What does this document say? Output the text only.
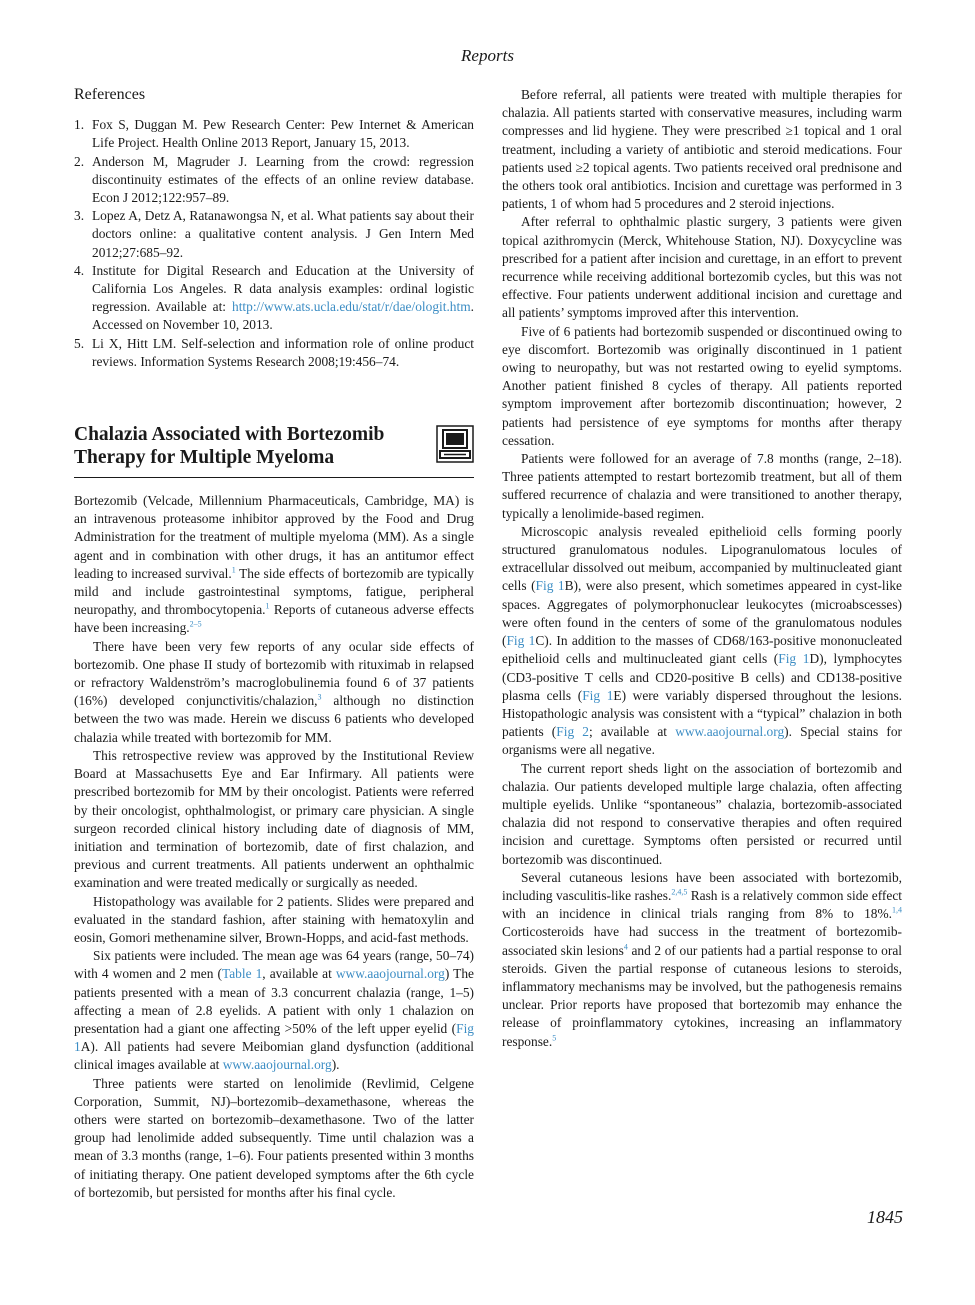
Reports
References
1. Fox S, Duggan M. Pew Research Center: Pew Internet & American Life Project. Health Online 2013 Report, January 15, 2013.
2. Anderson M, Magruder J. Learning from the crowd: regression discontinuity estimates of the effects of an online review database. Econ J 2012;122:957–89.
3. Lopez A, Detz A, Ratanawongsa N, et al. What patients say about their doctors online: a qualitative content analysis. J Gen Intern Med 2012;27:685–92.
4. Institute for Digital Research and Education at the University of California Los Angeles. R data analysis examples: ordinal logistic regression. Available at: http://www.ats.ucla.edu/stat/r/dae/ologit.htm. Accessed on November 10, 2013.
5. Li X, Hitt LM. Self-selection and information role of online product reviews. Information Systems Research 2008;19:456–74.
Chalazia Associated with Bortezomib Therapy for Multiple Myeloma

Bortezomib (Velcade, Millennium Pharmaceuticals, Cambridge, MA) is an intravenous proteasome inhibitor approved by the Food and Drug Administration for the treatment of multiple myeloma (MM). As a single agent and in combination with other drugs, it has an antitumor effect leading to increased survival.$^1$ The side effects of bortezomib are typically mild and include gastrointestinal symptoms, fatigue, peripheral neuropathy, and thrombocytopenia.$^1$ Reports of cutaneous adverse effects have been increasing.$^{2-5}$

There have been very few reports of any ocular side effects of bortezomib. One phase II study of bortezomib with rituximab in relapsed or refractory Waldenström’s macroglobulinemia found 6 of 37 patients (16%) developed conjunctivitis/chalazion,$^3$ although no distinction between the two was made. Herein we discuss 6 patients who developed chalazia while treated with bortezomib for MM.

This retrospective review was approved by the Institutional Review Board at Massachusetts Eye and Ear Infirmary. All patients were prescribed bortezomib for MM by their oncologist. Patients were referred by their oncologist, ophthalmologist, or primary care physician. A single surgeon recorded clinical history including date of diagnosis of MM, initiation and termination of bortezomib, date of first chalazion, and previous and current treatments. All patients underwent an ophthalmic examination and were treated medically or surgically as needed.

Histopathology was available for 2 patients. Slides were prepared and evaluated in the standard fashion, after staining with hematoxylin and eosin, Gomori methenamine silver, Brown-Hopps, and acid-fast methods.

Six patients were included. The mean age was 64 years (range, 50–74) with 4 women and 2 men (Table 1, available at www.aaojournal.org) The patients presented with a mean of 3.3 concurrent chalazia (range, 1–5) affecting a mean of 2.8 eyelids. A patient with only 1 chalazion on presentation had a giant one affecting >50% of the left upper eyelid (Fig 1A). All patients had severe Meibomian gland dysfunction (additional clinical images available at www.aaojournal.org).

Three patients were started on lenolimide (Revlimid, Celgene Corporation, Summit, NJ)–bortezomib–dexamethasone, whereas the others were started on bortezomib–dexamethasone. Two of the latter group had lenolimide added subsequently. Time until chalazion was a mean of 3.3 months (range, 1–6). Four patients presented within 3 months of initiating therapy. One patient developed symptoms after the 6th cycle of bortezomib, but persisted for months after his final cycle.

Before referral, all patients were treated with multiple therapies for chalazia. All patients started with conservative measures, including warm compresses and lid hygiene. They were prescribed ≥1 topical and 1 oral treatment, including a variety of antibiotic and steroid medications. Four patients used ≥2 topical agents. Two patients received oral prednisone and the others took oral antibiotics. Incision and curettage was performed in 3 patients, 1 of whom had 5 procedures and 2 steroid injections.

After referral to ophthalmic plastic surgery, 3 patients were given topical azithromycin (Merck, Whitehouse Station, NJ). Doxycycline was prescribed for a patient after incision and curettage, in an effort to prevent recurrence while receiving additional bortezomib cycles, but this was not effective. Four patients underwent additional incision and curettage and all patients’ symptoms improved after this intervention.

Five of 6 patients had bortezomib suspended or discontinued owing to eye discomfort. Bortezomib was originally discontinued in 1 patient owing to neuropathy, but was not restarted owing to eyelid symptoms. Another patient finished 8 cycles of therapy. All patients reported symptom improvement after bortezomib discontinuation; however, 2 patients had persistence of eye symptoms for months after therapy cessation.

Patients were followed for an average of 7.8 months (range, 2–18). Three patients attempted to restart bortezomib treatment, but all of them suffered recurrence of chalazia and were transitioned to another therapy, typically a lenolimide-based regimen.

Microscopic analysis revealed epithelioid cells forming poorly structured granulomatous nodules. Lipogranulomatous locules of extracellular dissolved out meibum, accompanied by multinucleated giant cells (Fig 1B), were also present, which sometimes appeared in cyst-like spaces. Aggregates of polymorphonuclear leukocytes (microabscesses) were often found in the centers of some of the granulomatous nodules (Fig 1C). In addition to the masses of CD68/163-positive mononucleated epithelioid cells and multinucleated giant cells (Fig 1D), lymphocytes (CD3-positive T cells and CD20-positive B cells) and CD138-positive plasma cells (Fig 1E) were variably dispersed throughout the lesions. Histopathologic analysis was consistent with a “typical” chalazion in both patients (Fig 2; available at www.aaojournal.org). Special stains for organisms were all negative.

The current report sheds light on the association of bortezomib and chalazia. Our patients developed multiple large chalazia, often affecting multiple eyelids. Unlike “spontaneous” chalazia, bortezomib-associated chalazia did not respond to conservative therapies and often required incision and curettage. Symptoms often persisted or recurred until bortezomib was discontinued.

Several cutaneous lesions have been associated with bortezomib, including vasculitis-like rashes.$^{2,4,5}$ Rash is a relatively common side effect with an incidence in clinical trials ranging from 8% to 18%.$^{1,4}$ Corticosteroids have had success in the treatment of bortezomib-associated skin lesions$^4$ and 2 of our patients had a partial response to oral steroids. Given the partial response of cutaneous lesions to steroids, inflammatory mechanisms may be involved, but the pathogenesis remains unclear. Prior reports have proposed that bortezomib may enhance the release of proinflammatory cytokines, increasing an inflammatory response.$^5$

1845
